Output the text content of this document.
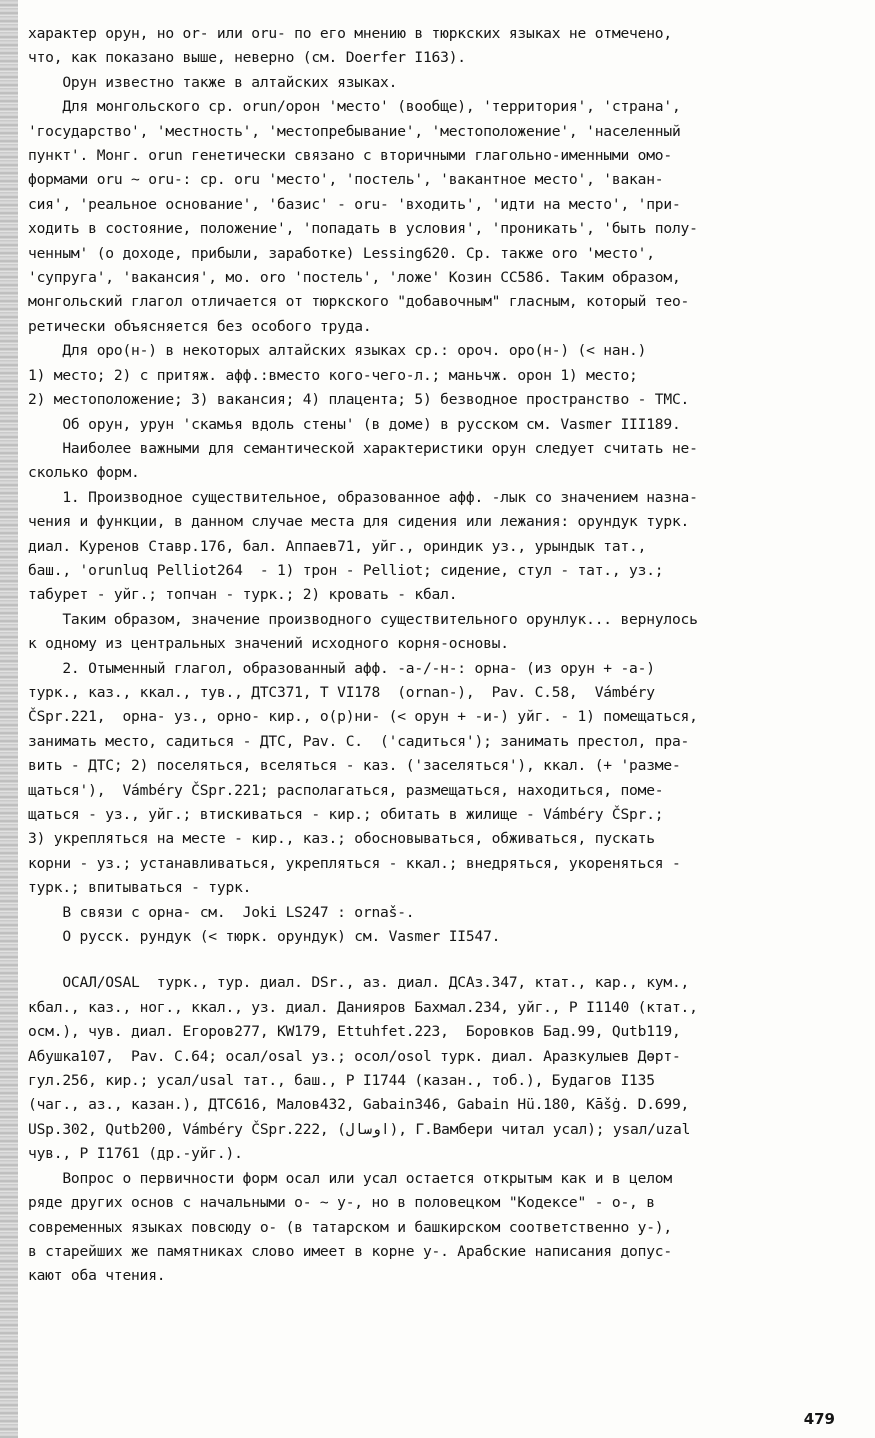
характер орун, но or- или oru- по его мнению в тюркских языках не отмечено,
что, как показано выше, неверно (см. Doerfer I163).

Орун известно также в алтайских языках.

Для монгольского ср. orun/орон 'место' (вообще), 'территория', 'страна',
'государство', 'местность', 'местопребывание', 'местоположение', 'населенный
пункт'. Монг. orun генетически связано с вторичными глагольно-именными омо-
формами oru ~ oru-: ср. oru 'место', 'постель', 'вакантное место', 'вакан-
сия', 'реальное основание', 'базис' - oru- 'входить', 'идти на место', 'при-
ходить в состояние, положение', 'попадать в условия', 'проникать', 'быть полу-
ченным' (о доходе, прибыли, заработке) Lessing620. Ср. также oro 'место',
'супруга', 'вакансия', мо. oro 'постель', 'ложе' Козин СС586. Таким образом,
монгольский глагол отличается от тюркского "добавочным" гласным, который тео-
ретически объясняется без особого труда.

Для оро(н-) в некоторых алтайских языках ср.: ороч. оро(н-) (< нан.)
1) место; 2) с притяж. афф.:вместо кого-чего-л.; маньчж. орон 1) место;
2) местоположение; 3) вакансия; 4) плацента; 5) безводное пространство - ТМС.

Об орун, урун 'скамья вдоль стены' (в доме) в русском см. Vasmer III189.

Наиболее важными для семантической характеристики орун следует считать не-
сколько форм.

1. Производное существительное, образованное афф. -лык со значением назна-
чения и функции, в данном случае места для сидения или лежания: орундук турк.
диал. Куренов Ставр.176, бал. Аппаев71, уйг., ориндик уз., урындык тат.,
баш., 'orunluq Pelliot264  - 1) трон - Pelliot; сидение, стул - тат., уз.;
табурет - уйг.; топчан - турк.; 2) кровать - кбал.

Таким образом, значение производного существительного орунлук... вернулось
к одному из центральных значений исходного корня-основы.

2. Отыменный глагол, образованный афф. -а-/-н-: орна- (из орун + -а-)
турк., каз., ккал., тув., ДТС371, Т VI178  (ornan-),  Pav. C.58,  Vámbéry
ČSpr.221,  орна- уз., орно- кир., о(р)ни- (< орун + -и-) уйг. - 1) помещаться,
занимать место, садиться - ДТС, Pav. C.  ('садиться'); занимать престол, пра-
вить - ДТС; 2) поселяться, вселяться - каз. ('заселяться'), ккал. (+ 'разме-
щаться'),  Vámbéry ČSpr.221; располагаться, размещаться, находиться, поме-
щаться - уз., уйг.; втискиваться - кир.; обитать в жилище - Vámbéry ČSpr.;
3) укрепляться на месте - кир., каз.; обосновываться, обживаться, пускать
корни - уз.; устанавливаться, укрепляться - ккал.; внедряться, укореняться -
турк.; впитываться - турк.

В связи с орна- см.  Joki LS247 : ornaš-.

О русск. рундук (< тюрк. орундук) см. Vasmer II547.

ОСАЛ/OSAL  турк., тур. диал. DSr., аз. диал. ДСАз.347, ктат., кар., кум.,
кбал., каз., ног., ккал., уз. диал. Данияров Бахмал.234, уйг., Р I1140 (ктат.,
осм.), чув. диал. Егоров277, KW179, Ettuhfet.223,  Боровков Бад.99, Qutb119,
Абушка107,  Pav. C.64; осал/osal уз.; осол/osol турк. диал. Аразкулыев Дөрт-
гул.256, кир.; усал/usal тат., баш., Р I1744 (казан., тоб.), Будагов I135
(чаг., аз., казан.), ДТС616, Малов432, Gabain346, Gabain Нü.180, Kāšġ. D.699,
USp.302, Qutb200, Vámbéry ČSpr.222, (اوسال), Г.Вамбери читал усал); уsал/uzal
чув., Р I1761 (др.-уйг.).

Вопрос о первичности форм осал или усал остается открытым как и в целом
ряде других основ с начальными о- ~ у-, но в половецком "Кодексе" - о-, в
современных языках повсюду о- (в татарском и башкирском соответственно у-),
в старейших же памятниках слово имеет в корне у-. Арабские написания допус-
кают оба чтения.

479
